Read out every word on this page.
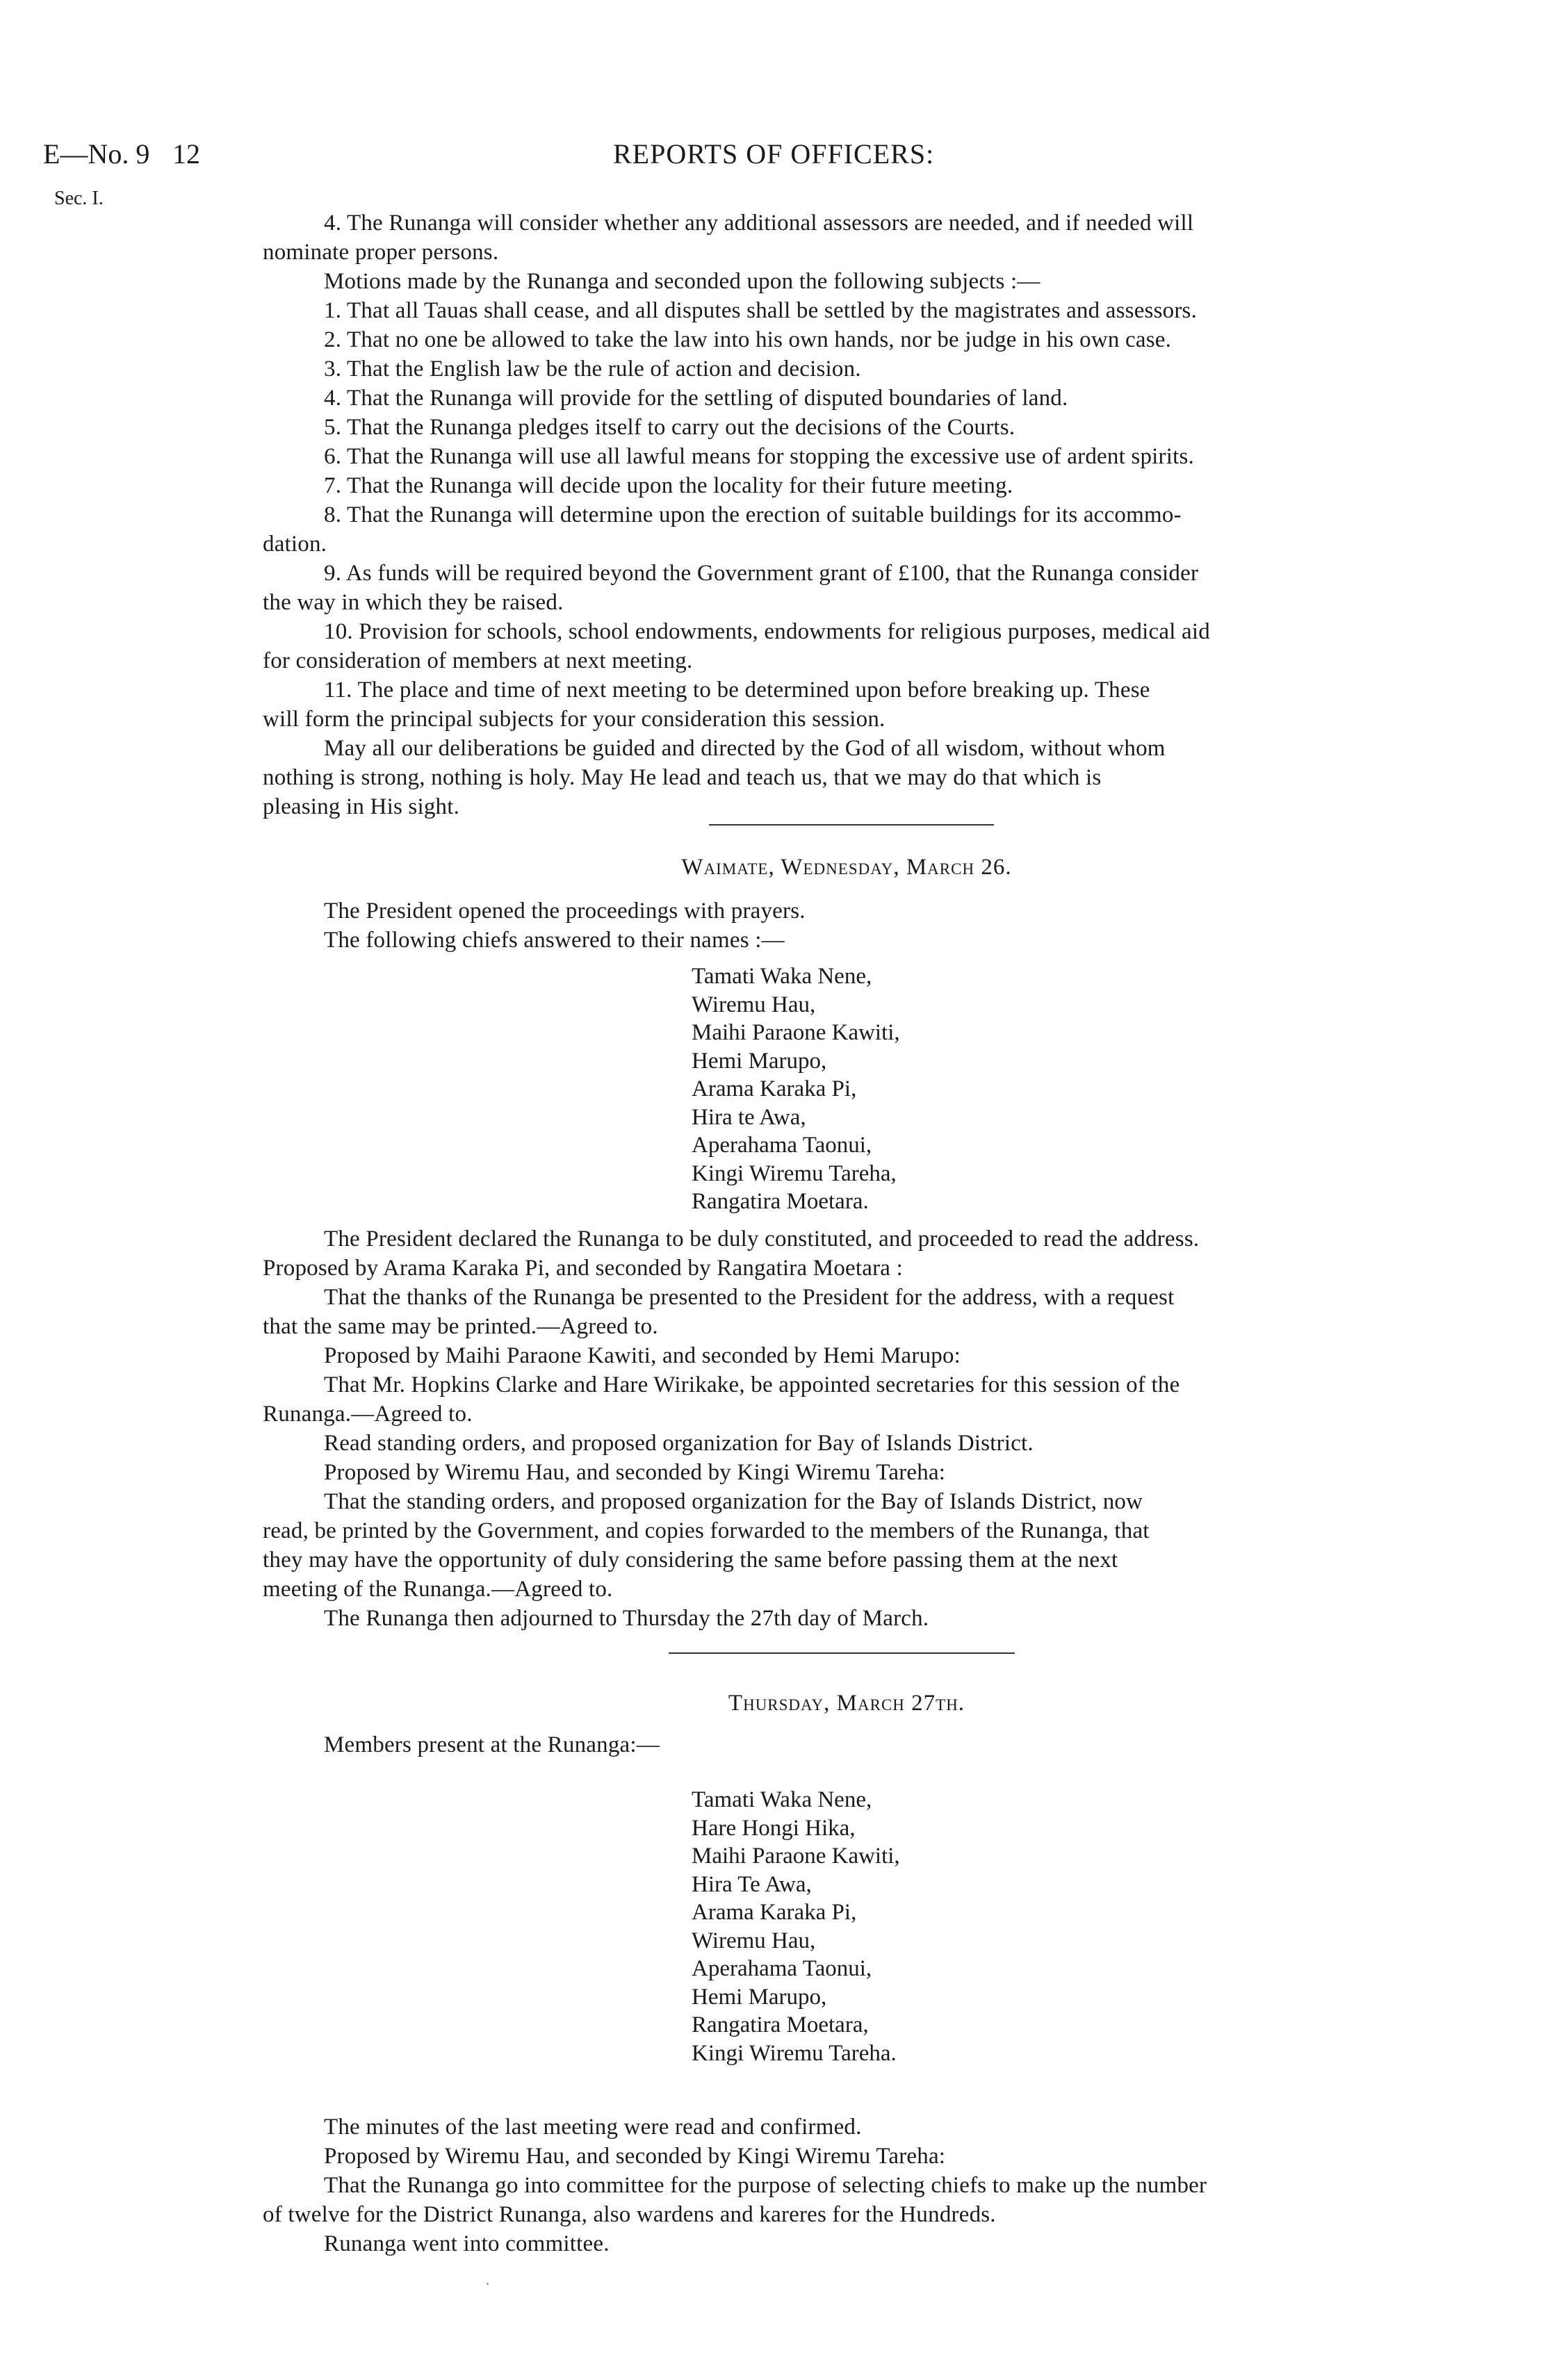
E—No. 9
Sec. I.
12	REPORTS OF OFFICERS:

4. The Runanga will consider whether any additional assessors are needed, and if needed will

nominate proper persons.

Motions made by the Runanga and seconded upon the following subjects :—

1. That all Tauas shall cease, and all disputes shall be settled by the magistrates and assessors.

2. That no one be allowed to take the law into his own hands, nor be judge in his own case.

3. That the English law be the rule of action and decision.

4. That the Runanga will provide for the settling of disputed boundaries of land.

5. That the Runanga pledges itself to carry out the decisions of the Courts.

6. That the Runanga will use all lawful means for stopping the excessive use of ardent spirits.

7. That the Runanga will decide upon the locality for their future meeting.

8. That the Runanga will determine upon the erection of suitable buildings for its accommo-

dation.

9. As funds will be required beyond the Government grant of £100, that the Runanga consider

the way in which they be raised.

10. Provision for schools, school endowments, endowments for religious purposes, medical aid

for consideration of members at next meeting.

11. The place and time of next meeting to be determined upon before breaking up. These

will form the principal subjects for your consideration this session.

May all our deliberations be guided and directed by the God of all wisdom, without whom

nothing is strong, nothing is holy. May He lead and teach us, that we may do that which is

pleasing in His sight.

Waimate, Wednesday, March 26.

The President opened the proceedings with prayers.

The following chiefs answered to their names :—

Tamati Waka Nene,
Wiremu Hau,
Maihi Paraone Kawiti,
Hemi Marupo,
Arama Karaka Pi,
Hira te Awa,
Aperahama Taonui,
Kingi Wiremu Tareha,
Rangatira Moetara.

The President declared the Runanga to be duly constituted, and proceeded to read the address.

Proposed by Arama Karaka Pi, and seconded by Rangatira Moetara :

That the thanks of the Runanga be presented to the President for the address, with a request

that the same may be printed.—Agreed to.

Proposed by Maihi Paraone Kawiti, and seconded by Hemi Marupo:

That Mr. Hopkins Clarke and Hare Wirikake, be appointed secretaries for this session of the

Runanga.—Agreed to.

Read standing orders, and proposed organization for Bay of Islands District.

Proposed by Wiremu Hau, and seconded by Kingi Wiremu Tareha:

That the standing orders, and proposed organization for the Bay of Islands District, now

read, be printed by the Government, and copies forwarded to the members of the Runanga, that

they may have the opportunity of duly considering the same before passing them at the next

meeting of the Runanga.—Agreed to.

The Runanga then adjourned to Thursday the 27th day of March.

Thursday, March 27th.

Members present at the Runanga:—

Tamati Waka Nene,
Hare Hongi Hika,
Maihi Paraone Kawiti,
Hira Te Awa,
Arama Karaka Pi,
Wiremu Hau,
Aperahama Taonui,
Hemi Marupo,
Rangatira Moetara,
Kingi Wiremu Tareha.

The minutes of the last meeting were read and confirmed.

Proposed by Wiremu Hau, and seconded by Kingi Wiremu Tareha:

That the Runanga go into committee for the purpose of selecting chiefs to make up the number

of twelve for the District Runanga, also wardens and kareres for the Hundreds.

Runanga went into committee.
